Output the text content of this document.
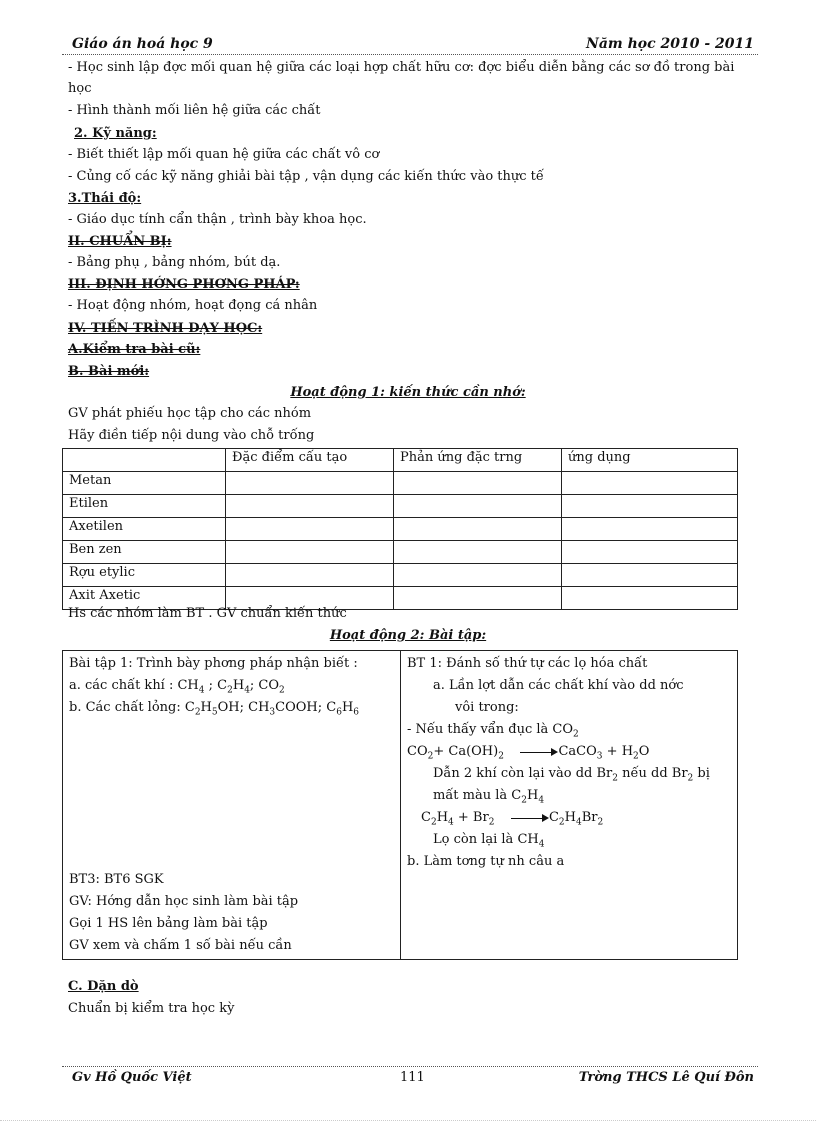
Giáo án hoá học 9	Năm học 2010 - 2011
- Học sinh lập đợc mối quan hệ giữa các loại hợp chất hữu cơ: đợc biểu diễn bằng các sơ đồ trong bài
học
- Hình thành mối liên hệ giữa các chất
2. Kỹ năng:
- Biết thiết lập mối quan hệ giữa các chất vô cơ
- Củng cố các kỹ năng ghiải bài tập , vận dụng các kiến thức vào thực tế
3.Thái độ:
- Giáo dục tính cẩn thận , trình bày khoa học.
II. CHUẨN BỊ:
- Bảng phụ , bảng nhóm, bút dạ.
III. ĐỊNH HỚNG PHƠNG PHÁP:
- Hoạt động nhóm, hoạt đọng cá nhân
IV. TIẾN TRÌNH DẠY HỌC:
A.Kiểm tra bài cũ:
B. Bài mới:
Hoạt động 1: kiến thức cần nhớ:
GV phát phiếu học tập cho các nhóm
Hãy điền tiếp nội dung vào chỗ trống
	Đặc điểm cấu tạo	Phản ứng đặc trng	ứng dụng
Metan			
Etilen			
Axetilen			
Ben zen			
Rợu etylic			
Axit Axetic			
Hs các nhóm làm BT . GV chuẩn kiến thức
Hoạt động 2: Bài tập:
Bài tập 1: Trình bày phơng pháp nhận biết :
a. các chất khí : $CH_4$ ; $C_2H_4$; $CO_2$
b. Các chất lỏng: $C_2H_5OH$; $CH_3COOH$; $C_6H_6$
BT3: BT6 SGK
GV: Hớng dẫn học sinh làm bài tập
Gọi 1 HS lên bảng làm bài tập
GV xem và chấm 1 số bài nếu cần

BT 1: Đánh số thứ tự các lọ hóa chất
a. Lần lợt dẫn các chất khí vào dd nớc
vôi trong:
- Nếu thấy vẩn đục là $CO_2$
$CO_2+ Ca(OH)_2$	CaCO$_3$ + $H_2O$
Dẫn 2 khí còn lại vào dd $Br_2$ nếu dd $Br_2$ bị
mất màu là $C_2H_4$
$C_2H_4 + Br_2$	$C_2H_4Br_2$
Lọ còn lại là $CH_4$
b. Làm tơng tự nh câu a
C. Dặn dò
Chuẩn bị kiểm tra học kỳ
Gv Hồ Quốc Việt	111	Trờng THCS Lê Quí Đôn
